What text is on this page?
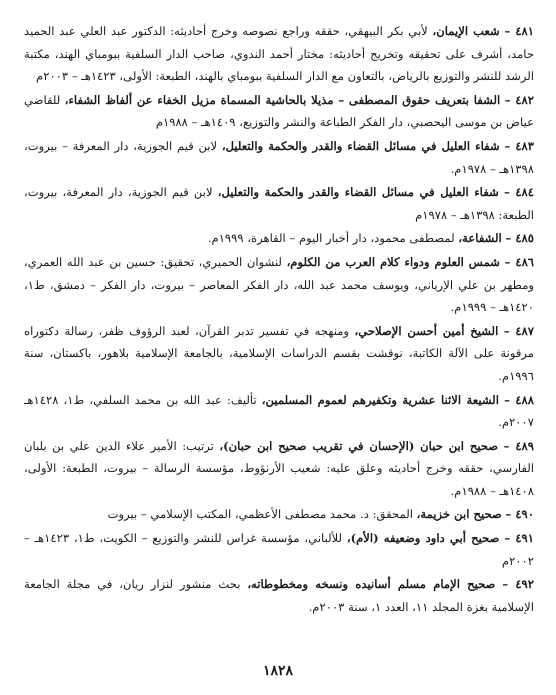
٤٨١ – شعب الإيمان، لأبي بكر البيهقي، حققه وراجع نصوصه وخرج أحاديثه: الدكتور عبد العلي عبد الحميد حامد، أشرف على تحقيقه وتخريج أحاديثه: مختار أحمد الندوي، صاحب الدار السلفية ببومباي الهند، مكتبة الرشد للنشر والتوزيع بالرياض، بالتعاون مع الدار السلفية ببومباي بالهند، الطبعة: الأولى، ١٤٢٣هـ – ٢٠٠٣م

٤٨٢ – الشفا بتعريف حقوق المصطفى – مذيلا بالحاشية المسماة مزيل الخفاء عن ألفاظ الشفاء، للقاضي عياض بن موسى اليحصبي، دار الفكر الطباعة والنشر والتوزيع، ١٤٠٩هـ – ١٩٨٨م

٤٨٣ – شفاء العليل في مسائل القضاء والقدر والحكمة والتعليل، لابن قيم الجوزية، دار المعرفة – بيروت، ١٣٩٨هـ – ١٩٧٨م.

٤٨٤ – شفاء العليل في مسائل القضاء والقدر والحكمة والتعليل، لابن قيم الجوزية، دار المعرفة، بيروت، الطبعة: ١٣٩٨هـ – ١٩٧٨م

٤٨٥ – الشفاعة، لمصطفى محمود، دار أخبار اليوم – القاهرة، ١٩٩٩م.

٤٨٦ – شمس العلوم ودواء كلام العرب من الكلوم، لنشوان الحميري، تحقيق: حسين بن عبد الله العمري، ومطهر بن علي الإرياني، ويوسف محمد عبد الله، دار الفكر المعاصر – بيروت، دار الفكر – دمشق، ط١، ١٤٢٠هـ – ١٩٩٩م.

٤٨٧ – الشيخ أمين أحسن الإصلاحي، ومنهجه في تفسير تدبر القرآن، لعبد الرؤوف ظفر، رسالة دكتوراه مرقونة على الآلة الكاتبة، نوقشت بقسم الدراسات الإسلامية، بالجامعة الإسلامية بلاهور، باكستان، سنة ١٩٩٦م.

٤٨٨ – الشيعة الاثنا عشرية وتكفيرهم لعموم المسلمين، تأليف: عبد الله بن محمد السلفي، ط١، ١٤٢٨هـ ٢٠٠٧م.

٤٨٩ – صحيح ابن حبان (الإحسان في تقريب صحيح ابن حبان)، ترتيب: الأمير علاء الدين علي بن بلبان الفارسي، حققه وخرج أحاديثه وعلق عليه: شعيب الأرنؤوط، مؤسسة الرسالة – بيروت، الطبعة: الأولى، ١٤٠٨هـ – ١٩٨٨م.

٤٩٠ – صحيح ابن خزيمة، المحقق: د. محمد مصطفى الأعظمي، المكتب الإسلامي – بيروت

٤٩١ – صحيح أبي داود وضعيفه (الأم)، للألباني، مؤسسة غراس للنشر والتوزيع – الكويت، ط١، ١٤٢٣هـ – ٢٠٠٢م

٤٩٢ – صحيح الإمام مسلم أسانيده ونسخه ومخطوطاته، بحث منشور لنزار ريان، في مجلة الجامعة الإسلامية بغزة المجلد ١١، العدد ١، سنة ٢٠٠٣م.

١٨٢٨
